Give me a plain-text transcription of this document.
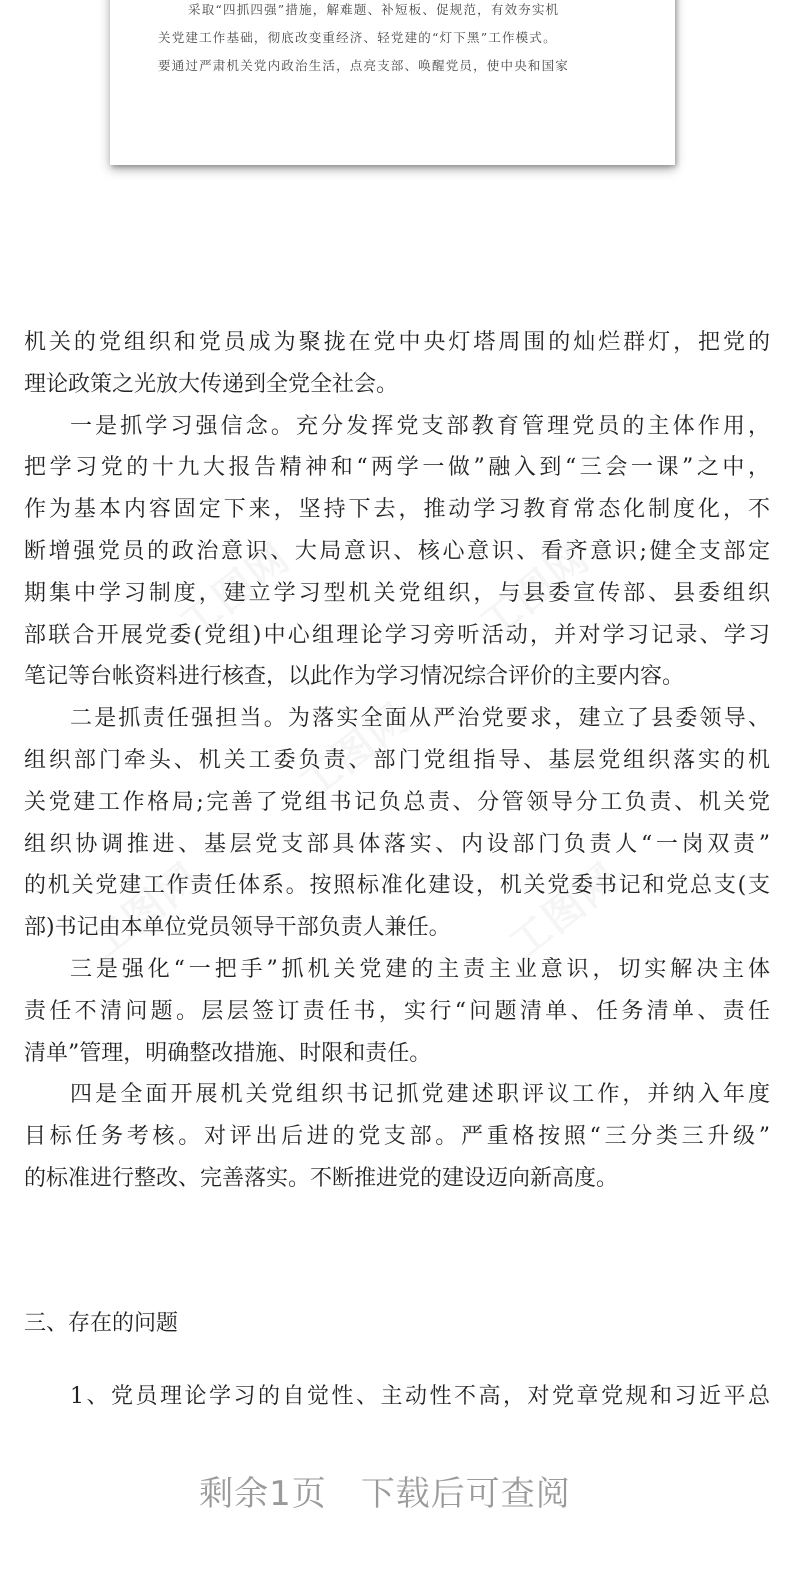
采取“四抓四强”措施，解难题、补短板、促规范，有效夯实机
关党建工作基础，彻底改变重经济、轻党建的“灯下黑”工作模式。
要通过严肃机关党内政治生活，点亮支部、唤醒党员，使中央和国家
工图网	工图网
工图网
工图网	工图网
机关的党组织和党员成为聚拢在党中央灯塔周围的灿烂群灯，把党的
理论政策之光放大传递到全党全社会。
一是抓学习强信念。充分发挥党支部教育管理党员的主体作用，
把学习党的十九大报告精神和“两学一做”融入到“三会一课”之中，
作为基本内容固定下来，坚持下去，推动学习教育常态化制度化，不
断增强党员的政治意识、大局意识、核心意识、看齐意识;健全支部定
期集中学习制度，建立学习型机关党组织，与县委宣传部、县委组织
部联合开展党委(党组)中心组理论学习旁听活动，并对学习记录、学习
笔记等台帐资料进行核查，以此作为学习情况综合评价的主要内容。
二是抓责任强担当。为落实全面从严治党要求，建立了县委领导、
组织部门牵头、机关工委负责、部门党组指导、基层党组织落实的机
关党建工作格局;完善了党组书记负总责、分管领导分工负责、机关党
组织协调推进、基层党支部具体落实、内设部门负责人“一岗双责”
的机关党建工作责任体系。按照标准化建设，机关党委书记和党总支(支
部)书记由本单位党员领导干部负责人兼任。
三是强化“一把手”抓机关党建的主责主业意识，切实解决主体
责任不清问题。层层签订责任书，实行“问题清单、任务清单、责任
清单”管理，明确整改措施、时限和责任。
四是全面开展机关党组织书记抓党建述职评议工作，并纳入年度
目标任务考核。对评出后进的党支部。严重格按照“三分类三升级”
的标准进行整改、完善落实。不断推进党的建设迈向新高度。
三、存在的问题
1、党员理论学习的自觉性、主动性不高，对党章党规和习近平总
剩余1页 下载后可查阅
